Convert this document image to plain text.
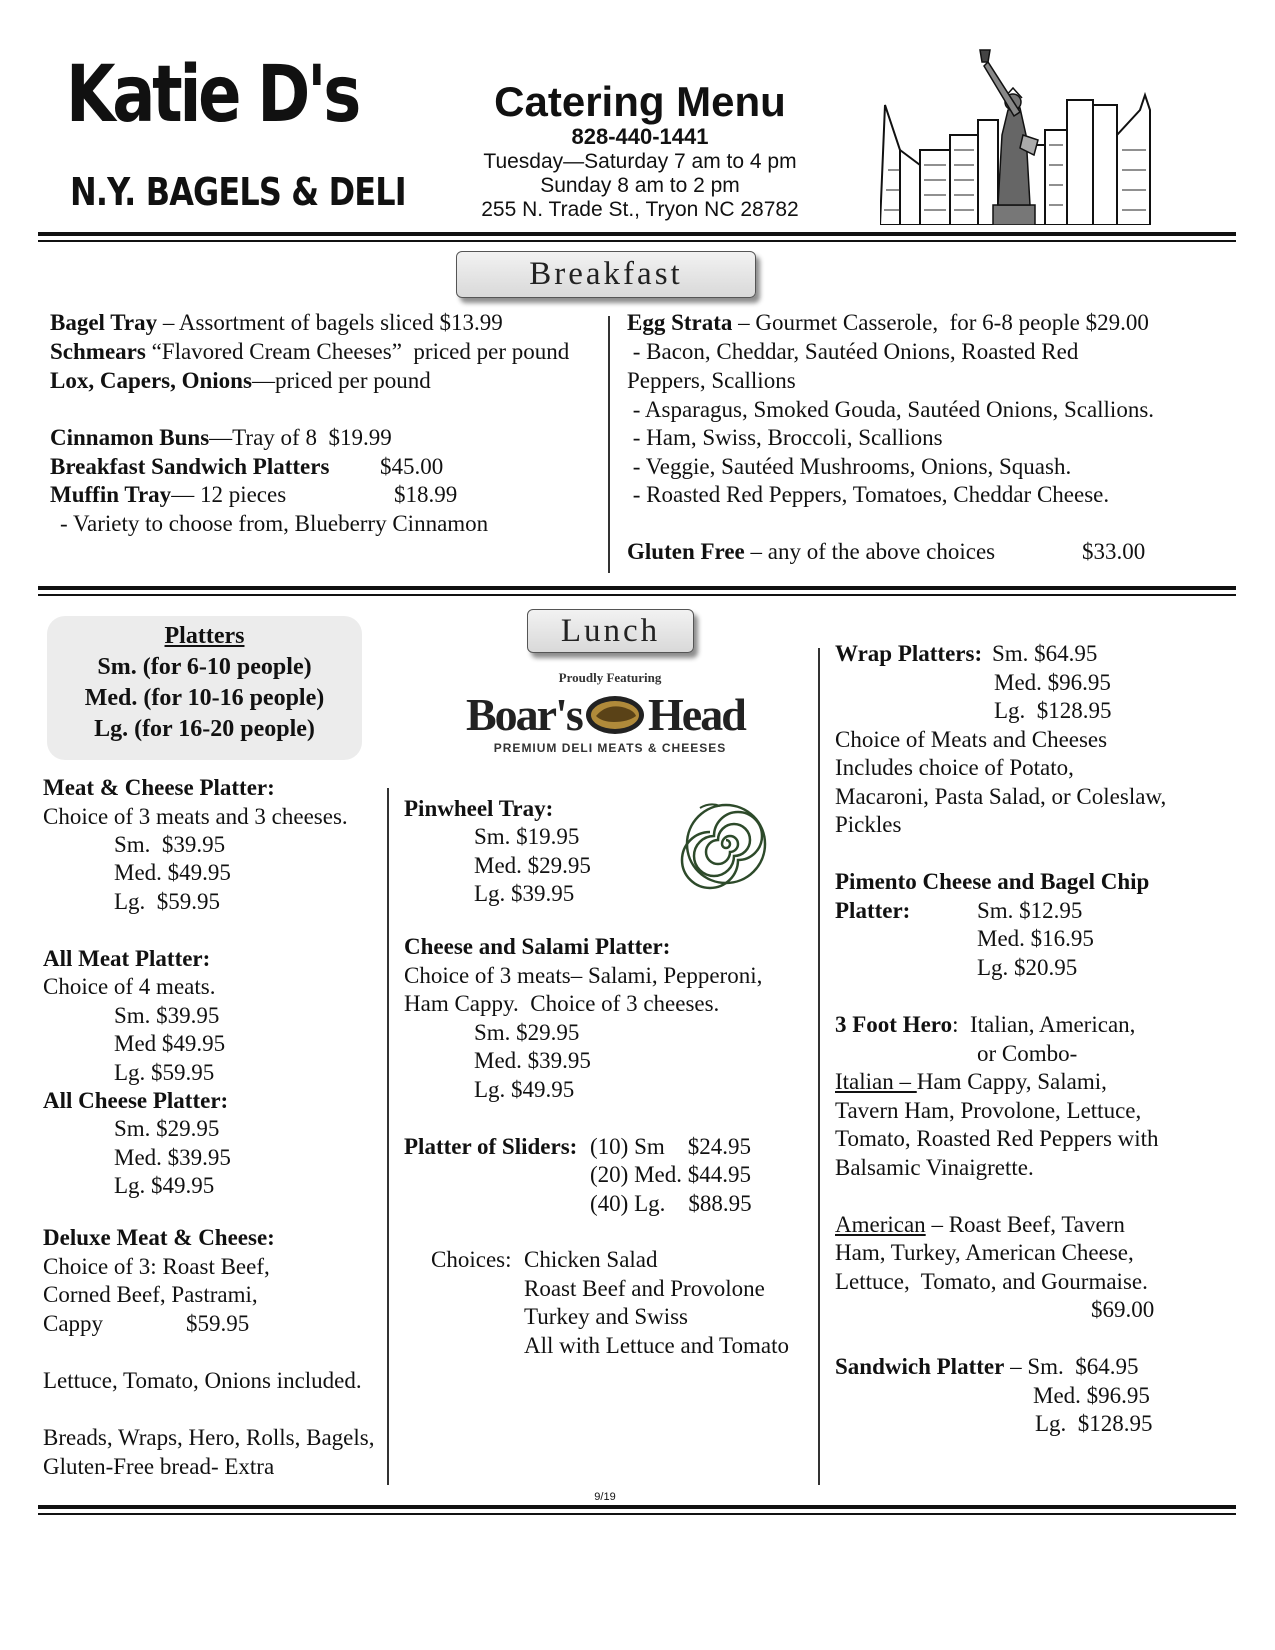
Katie D's
N.Y. BAGELS & DELI
Catering Menu
828-440-1441
Tuesday—Saturday 7 am to 4 pm
Sunday 8 am to 2 pm
255 N. Trade St., Tryon NC 28782
Breakfast
Bagel Tray – Assortment of bagels sliced $13.99
Schmears “Flavored Cream Cheeses”  priced per pound
Lox, Capers, Onions—priced per pound
Cinnamon Buns—Tray of 8  $19.99
Breakfast Sandwich Platters $45.00
Muffin Tray— 12 pieces	$18.99
- Variety to choose from, Blueberry Cinnamon
Egg Strata – Gourmet Casserole,  for 6-8 people $29.00
- Bacon, Cheddar, Sautéed Onions, Roasted Red
Peppers, Scallions
- Asparagus, Smoked Gouda, Sautéed Onions, Scallions.
- Ham, Swiss, Broccoli, Scallions
- Veggie, Sautéed Mushrooms, Onions, Squash.
- Roasted Red Peppers, Tomatoes, Cheddar Cheese.
Gluten Free – any of the above choices	$33.00
Platters
Sm. (for 6-10 people)
Med. (for 10-16 people)
Lg. (for 16-20 people)
Lunch
Proudly Featuring
Boar's Head
PREMIUM DELI MEATS & CHEESES
Meat & Cheese Platter:
Choice of 3 meats and 3 cheeses.
Sm.  $39.95
Med. $49.95
Lg.  $59.95
All Meat Platter:
Choice of 4 meats.
Sm. $39.95
Med $49.95
Lg. $59.95
All Cheese Platter:
Sm. $29.95
Med. $39.95
Lg. $49.95
Deluxe Meat & Cheese:
Choice of 3: Roast Beef,
Corned Beef, Pastrami,
Cappy	$59.95
Lettuce, Tomato, Onions included.
Breads, Wraps, Hero, Rolls, Bagels,
Gluten-Free bread- Extra
Pinwheel Tray:
Sm. $19.95
Med. $29.95
Lg. $39.95
Cheese and Salami Platter:
Choice of 3 meats– Salami, Pepperoni,
Ham Cappy.  Choice of 3 cheeses.
Sm. $29.95
Med. $39.95
Lg. $49.95
Platter of Sliders: (10) Sm    $24.95
(20) Med. $44.95
(40) Lg.    $88.95
Choices: Chicken Salad
Roast Beef and Provolone
Turkey and Swiss
All with Lettuce and Tomato
Wrap Platters: Sm. $64.95
Med. $96.95
Lg.  $128.95
Choice of Meats and Cheeses
Includes choice of Potato,
Macaroni, Pasta Salad, or Coleslaw,
Pickles
Pimento Cheese and Bagel Chip
Platter:	Sm. $12.95
Med. $16.95
Lg. $20.95
3 Foot Hero:  Italian, American,
or Combo-
Italian – Ham Cappy, Salami,
Tavern Ham, Provolone, Lettuce,
Tomato, Roasted Red Peppers with
Balsamic Vinaigrette.
American – Roast Beef, Tavern
Ham, Turkey, American Cheese,
Lettuce,  Tomato, and Gourmaise.
$69.00
Sandwich Platter – Sm.  $64.95
Med. $96.95
Lg.  $128.95
9/19
